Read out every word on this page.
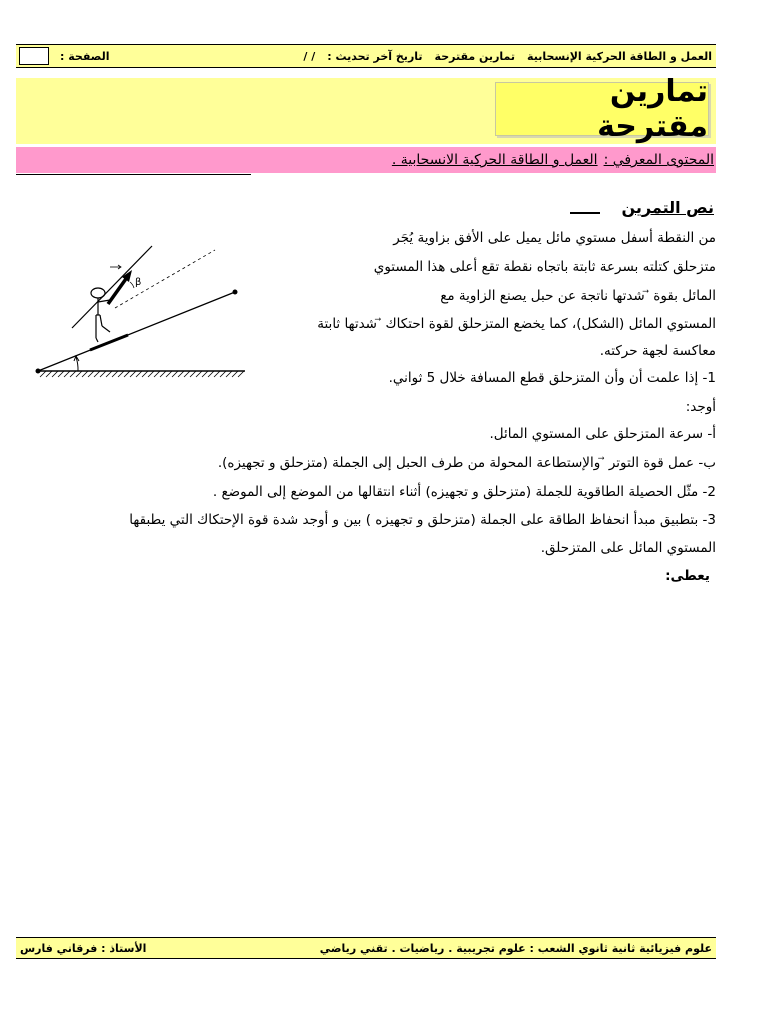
العمل و الطاقة الحركية الإنسحابية
تمارين مقترحة
تاريخ آخر تحديث :
/ /
الصفحة :
تمارين مقترحة
المحتوى المعرفي :
العمل و الطاقة الحركية الانسحابية .
نص التمرين
من النقطة أسفل مستوي مائل يميل على الأفق بزاوية يُجَر
متزحلق كتلته بسرعة ثابتة باتجاه نقطة تقع أعلى هذا المستوي
المائل بقوة ⃗ شدتها ناتجة عن حبل يصنع الزاوية مع
المستوي المائل (الشكل)، كما يخضع المتزحلق لقوة احتكاك ⃗ شدتها ثابتة
معاكسة لجهة حركته.
1- إذا علمت أن وأن المتزحلق قطع المسافة خلال 5 ثواني.
أوجد:
أ- سرعة المتزحلق على المستوي المائل.
ب- عمل قوة التوتر ⃗ والإستطاعة المحولة من طرف الحبل إلى الجملة (متزحلق و تجهيزه).
2- مثّل الحصيلة الطاقوية للجملة (متزحلق و تجهيزه) أثناء انتقالها من الموضع إلى الموضع .
3- بتطبيق مبدأ انحفاظ الطاقة على الجملة (متزحلق و تجهيزه ) بين و أوجد شدة قوة الإحتكاك التي يطبقها
المستوي المائل على المتزحلق.
يعطى:
β
علوم فيزيائية ثانية ثانوي الشعب : علوم تجريبية . رياضيات . تقني رياضي
الأستاذ : فرقاني فارس
